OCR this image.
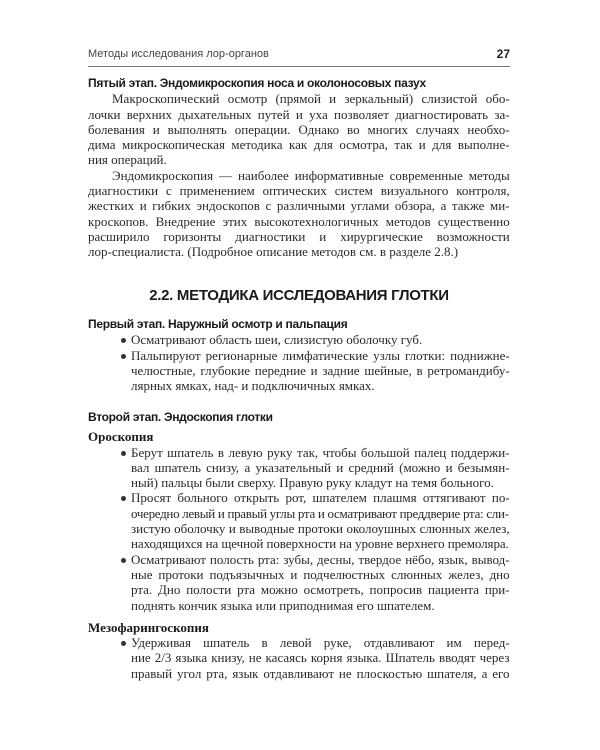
Методы исследования лор-органов	27
Пятый этап. Эндомикроскопия носа и околоносовых пазух
Макроскопический осмотр (прямой и зеркальный) слизистой обо-
лочки верхних дыхательных путей и уха позволяет диагностировать за-
болевания и выполнять операции. Однако во многих случаях необхо-
дима микроскопическая методика как для осмотра, так и для выполне-
ния операций.
Эндомикроскопия — наиболее информативные современные методы
диагностики с применением оптических систем визуального контроля,
жестких и гибких эндоскопов с различными углами обзора, а также ми-
кроскопов. Внедрение этих высокотехнологичных методов существенно
расширило горизонты диагностики и хирургические возможности
лор-специалиста. (Подробное описание методов см. в разделе 2.8.)
2.2. МЕТОДИКА ИССЛЕДОВАНИЯ ГЛОТКИ
Первый этап. Наружный осмотр и пальпация
Осматривают область шеи, слизистую оболочку губ.
Пальпируют регионарные лимфатические узлы глотки: поднижне-
челюстные, глубокие передние и задние шейные, в ретромандибу-
лярных ямках, над- и подключичных ямках.
Второй этап. Эндоскопия глотки
Ороскопия
Берут шпатель в левую руку так, чтобы большой палец поддержи-
вал шпатель снизу, а указательный и средний (можно и безымян-
ный) пальцы были сверху. Правую руку кладут на темя больного.
Просят больного открыть рот, шпателем плашмя оттягивают по-
очередно левый и правый углы рта и осматривают преддверие рта: сли-
зистую оболочку и выводные протоки околоушных слюнных желез,
находящихся на щечной поверхности на уровне верхнего премоляра.
Осматривают полость рта: зубы, десны, твердое нёбо, язык, вывод-
ные протоки подъязычных и подчелюстных слюнных желез, дно
рта. Дно полости рта можно осмотреть, попросив пациента при-
поднять кончик языка или приподнимая его шпателем.
Мезофарингоскопия
Удерживая шпатель в левой руке, отдавливают им перед-
ние 2/3 языка книзу, не касаясь корня языка. Шпатель вводят через
правый угол рта, язык отдавливают не плоскостью шпателя, а его
